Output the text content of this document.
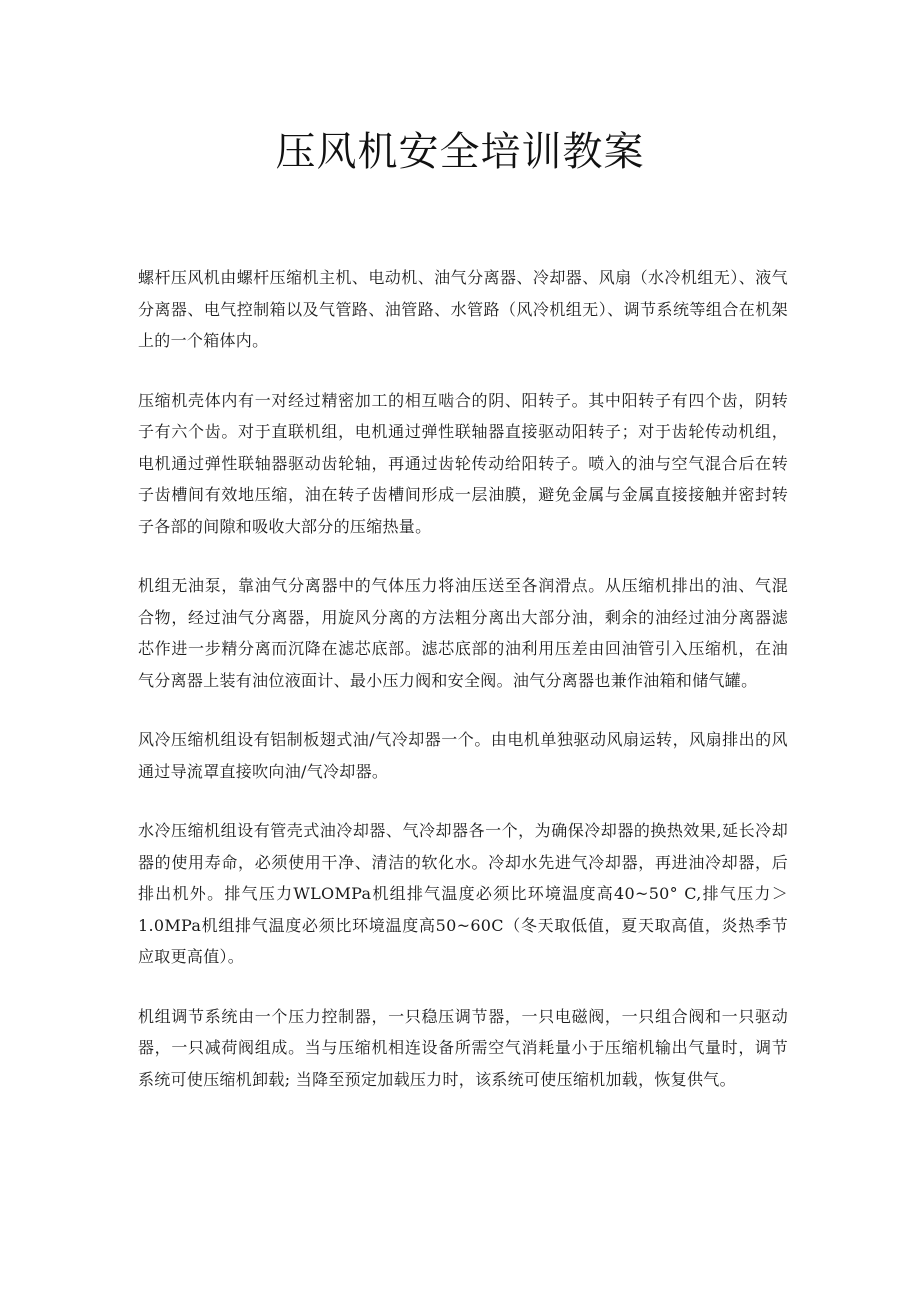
压风机安全培训教案

螺杆压风机由螺杆压缩机主机、电动机、油气分离器、冷却器、风扇（水冷机组无）、液气分离器、电气控制箱以及气管路、油管路、水管路（风冷机组无）、调节系统等组合在机架上的一个箱体内。

压缩机壳体内有一对经过精密加工的相互啮合的阴、阳转子。其中阳转子有四个齿，阴转子有六个齿。对于直联机组，电机通过弹性联轴器直接驱动阳转子；对于齿轮传动机组，电机通过弹性联轴器驱动齿轮轴，再通过齿轮传动给阳转子。喷入的油与空气混合后在转子齿槽间有效地压缩，油在转子齿槽间形成一层油膜，避免金属与金属直接接触并密封转子各部的间隙和吸收大部分的压缩热量。

机组无油泵，靠油气分离器中的气体压力将油压送至各润滑点。从压缩机排出的油、气混合物，经过油气分离器，用旋风分离的方法粗分离出大部分油，剩余的油经过油分离器滤芯作进一步精分离而沉降在滤芯底部。滤芯底部的油利用压差由回油管引入压缩机，在油气分离器上装有油位液面计、最小压力阀和安全阀。油气分离器也兼作油箱和储气罐。

风冷压缩机组设有铝制板翅式油/气冷却器一个。由电机单独驱动风扇运转，风扇排出的风通过导流罩直接吹向油/气冷却器。

水冷压缩机组设有管壳式油冷却器、气冷却器各一个，为确保冷却器的换热效果,延长冷却器的使用寿命，必须使用干净、清洁的软化水。冷却水先进气冷却器，再进油冷却器，后排出机外。排气压力WLOMPa机组排气温度必须比环境温度高40~50° C,排气压力＞1.0MPa机组排气温度必须比环境温度高50~60C（冬天取低值，夏天取高值，炎热季节应取更高值）。

机组调节系统由一个压力控制器，一只稳压调节器，一只电磁阀，一只组合阀和一只驱动器，一只减荷阀组成。当与压缩机相连设备所需空气消耗量小于压缩机输出气量时，调节系统可使压缩机卸载; 当降至预定加载压力时，该系统可使压缩机加载，恢复供气。
